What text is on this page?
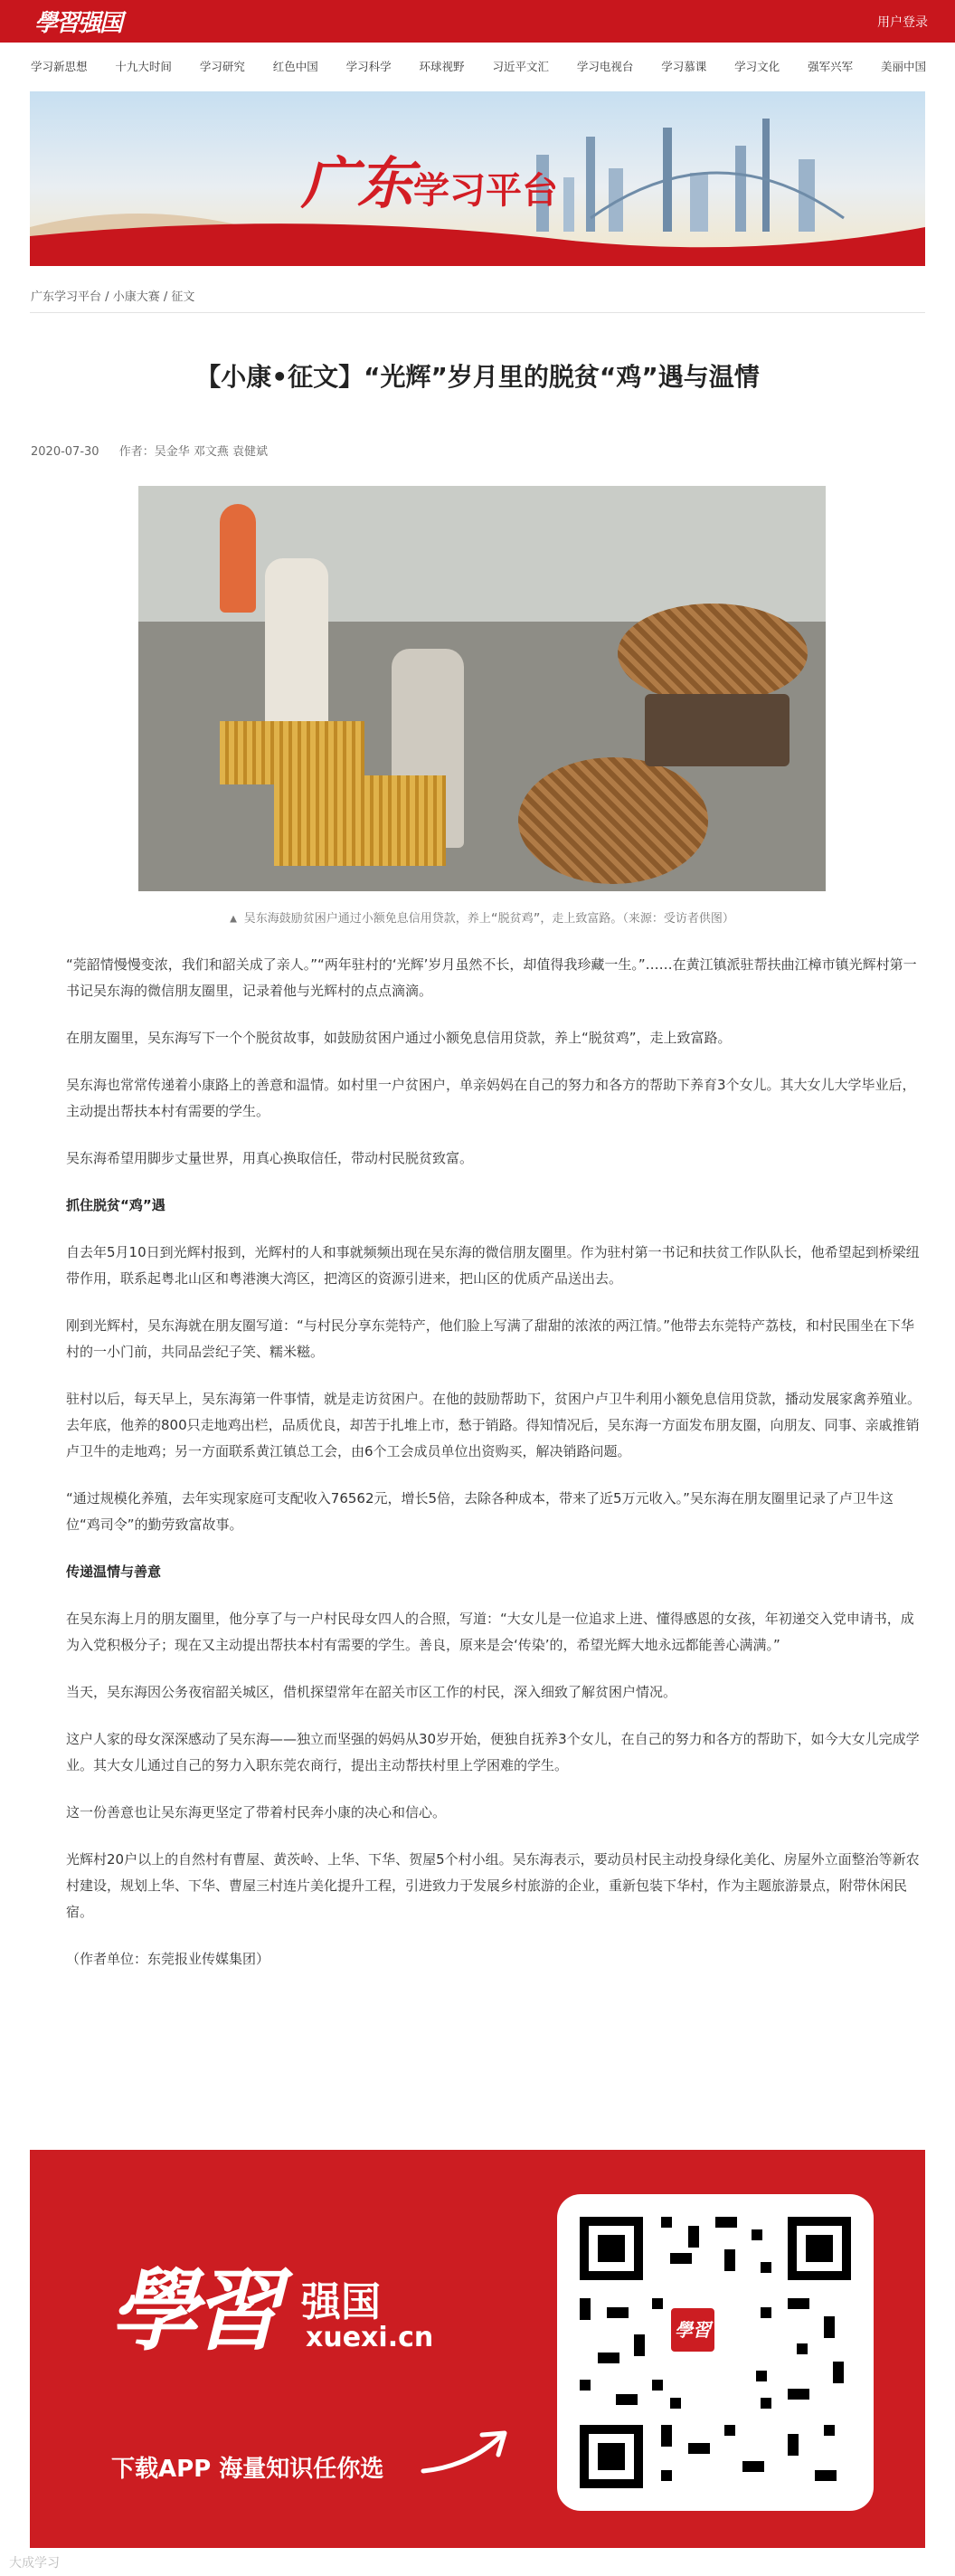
學習强国	用户登录
学习新思想 十九大时间 学习研究 红色中国 学习科学 环球视野 习近平文汇 学习电视台 学习慕课 学习文化 强军兴军 美丽中国
广东学习平台
广东学习平台 / 小康大赛 / 征文
【小康•征文】“光辉”岁月里的脱贫“鸡”遇与温情
2020-07-30 作者：吴金华 邓文燕 袁健斌
▲ 吴东海鼓励贫困户通过小额免息信用贷款，养上“脱贫鸡”，走上致富路。（来源：受访者供图）

“莞韶情慢慢变浓，我们和韶关成了亲人。”“两年驻村的‘光辉’岁月虽然不长，却值得我珍藏一生。”……在黄江镇派驻帮扶曲江樟市镇光辉村第一书记吴东海的微信朋友圈里，记录着他与光辉村的点点滴滴。

在朋友圈里，吴东海写下一个个脱贫故事，如鼓励贫困户通过小额免息信用贷款，养上“脱贫鸡”，走上致富路。

吴东海也常常传递着小康路上的善意和温情。如村里一户贫困户，单亲妈妈在自己的努力和各方的帮助下养育3个女儿。其大女儿大学毕业后，主动提出帮扶本村有需要的学生。

吴东海希望用脚步丈量世界，用真心换取信任，带动村民脱贫致富。

抓住脱贫“鸡”遇

自去年5月10日到光辉村报到，光辉村的人和事就频频出现在吴东海的微信朋友圈里。作为驻村第一书记和扶贫工作队队长，他希望起到桥梁纽带作用，联系起粤北山区和粤港澳大湾区，把湾区的资源引进来，把山区的优质产品送出去。

刚到光辉村，吴东海就在朋友圈写道：“与村民分享东莞特产，他们脸上写满了甜甜的浓浓的两江情。”他带去东莞特产荔枝，和村民围坐在下华村的一小门前，共同品尝纪子笑、糯米糍。

驻村以后，每天早上，吴东海第一件事情，就是走访贫困户。在他的鼓励帮助下，贫困户卢卫牛利用小额免息信用贷款，播动发展家禽养殖业。去年底，他养的800只走地鸡出栏，品质优良，却苦于扎堆上市，愁于销路。得知情况后，吴东海一方面发布朋友圈，向朋友、同事、亲戚推销卢卫牛的走地鸡；另一方面联系黄江镇总工会，由6个工会成员单位出资购买，解决销路问题。

“通过规模化养殖，去年实现家庭可支配收入76562元，增长5倍，去除各种成本，带来了近5万元收入。”吴东海在朋友圈里记录了卢卫牛这位“鸡司令”的勤劳致富故事。

传递温情与善意

在吴东海上月的朋友圈里，他分享了与一户村民母女四人的合照，写道：“大女儿是一位追求上进、懂得感恩的女孩，年初递交入党申请书，成为入党积极分子；现在又主动提出帮扶本村有需要的学生。善良，原来是会‘传染’的，希望光辉大地永远都能善心满满。”

当天，吴东海因公务夜宿韶关城区，借机探望常年在韶关市区工作的村民，深入细致了解贫困户情况。

这户人家的母女深深感动了吴东海——独立而坚强的妈妈从30岁开始，便独自抚养3个女儿，在自己的努力和各方的帮助下，如今大女儿完成学业。其大女儿通过自己的努力入职东莞农商行，提出主动帮扶村里上学困难的学生。

这一份善意也让吴东海更坚定了带着村民奔小康的决心和信心。

光辉村20户以上的自然村有曹屋、黄茨岭、上华、下华、贺屋5个村小组。吴东海表示，要动员村民主动投身绿化美化、房屋外立面整治等新农村建设，规划上华、下华、曹屋三村连片美化提升工程，引进致力于发展乡村旅游的企业，重新包装下华村，作为主题旅游景点，附带休闲民宿。

（作者单位：东莞报业传媒集团）

學習 强国
xuexi.cn
下载APP 海量知识任你选
學習
大成学习
